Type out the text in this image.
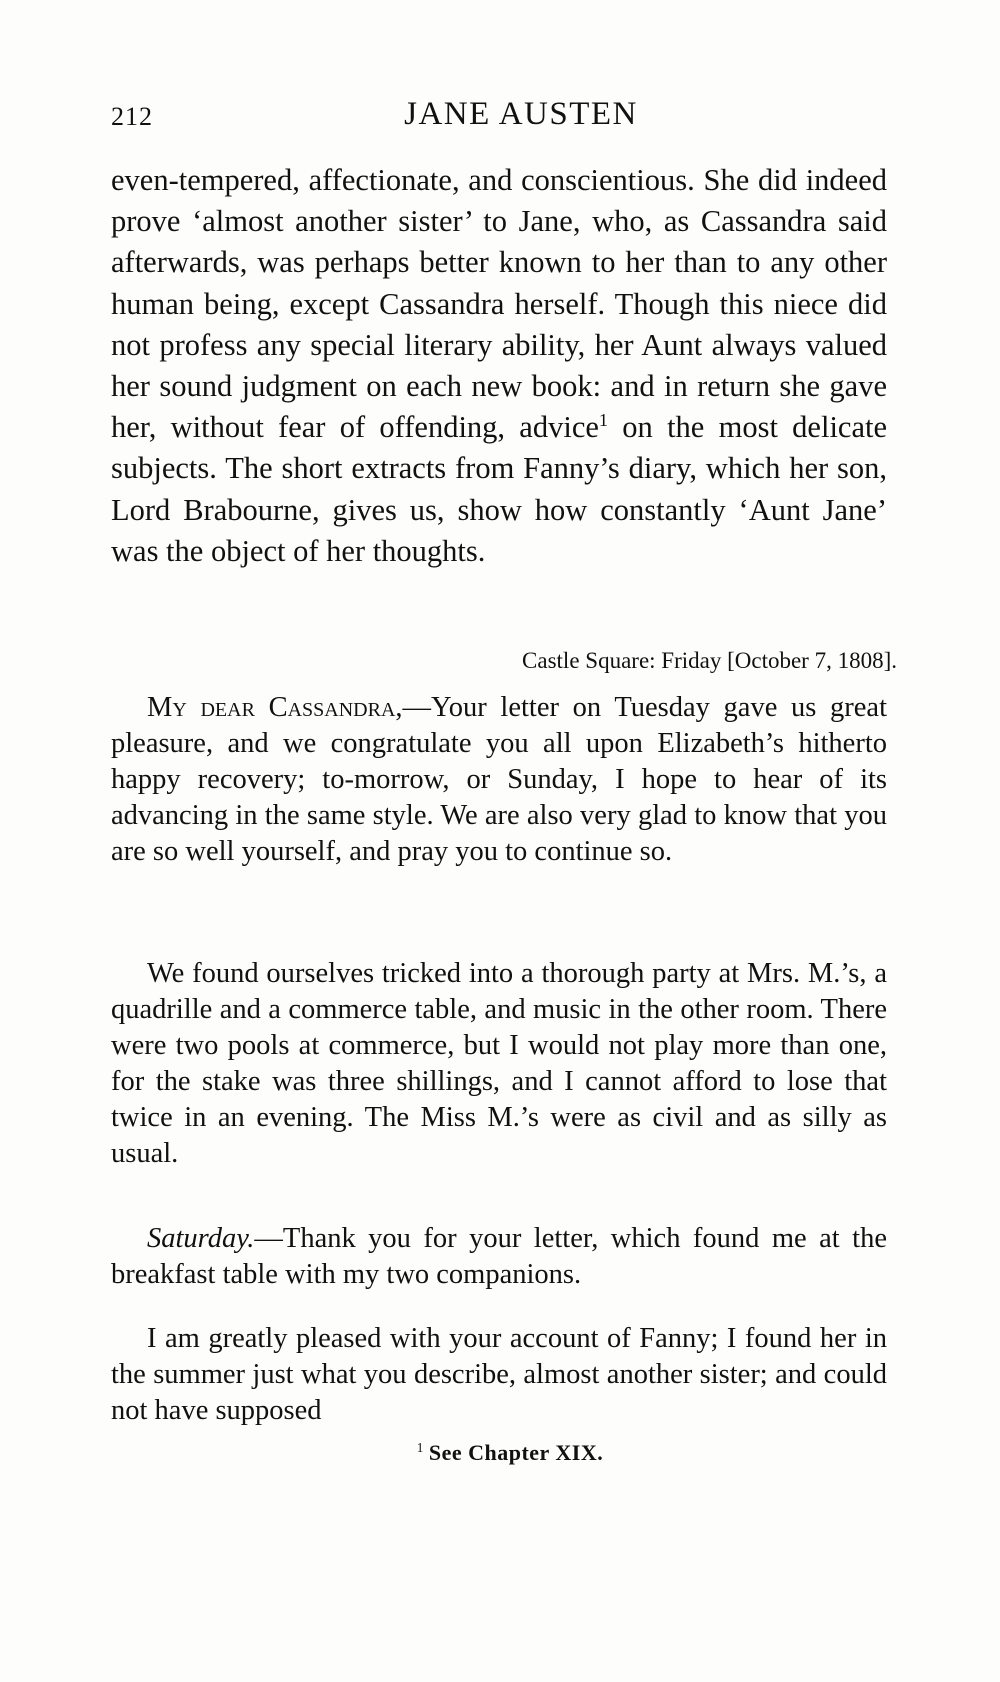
212	JANE AUSTEN

even-tempered, affectionate, and conscientious. She did indeed prove ‘almost another sister’ to Jane, who, as Cassandra said afterwards, was perhaps better known to her than to any other human being, except Cassandra herself. Though this niece did not profess any special literary ability, her Aunt always valued her sound judgment on each new book: and in return she gave her, without fear of offending, advice$^1$ on the most delicate subjects. The short extracts from Fanny’s diary, which her son, Lord Brabourne, gives us, show how constantly ‘Aunt Jane’ was the object of her thoughts.

Castle Square: Friday [October 7, 1808].

My dear Cassandra,—Your letter on Tuesday gave us great pleasure, and we congratulate you all upon Elizabeth’s hitherto happy recovery; to-morrow, or Sunday, I hope to hear of its advancing in the same style. We are also very glad to know that you are so well yourself, and pray you to continue so.

We found ourselves tricked into a thorough party at Mrs. M.’s, a quadrille and a commerce table, and music in the other room. There were two pools at commerce, but I would not play more than one, for the stake was three shillings, and I cannot afford to lose that twice in an evening. The Miss M.’s were as civil and as silly as usual.

Saturday.—Thank you for your letter, which found me at the breakfast table with my two companions.

I am greatly pleased with your account of Fanny; I found her in the summer just what you describe, almost another sister; and could not have supposed

$^1$ See Chapter XIX.
